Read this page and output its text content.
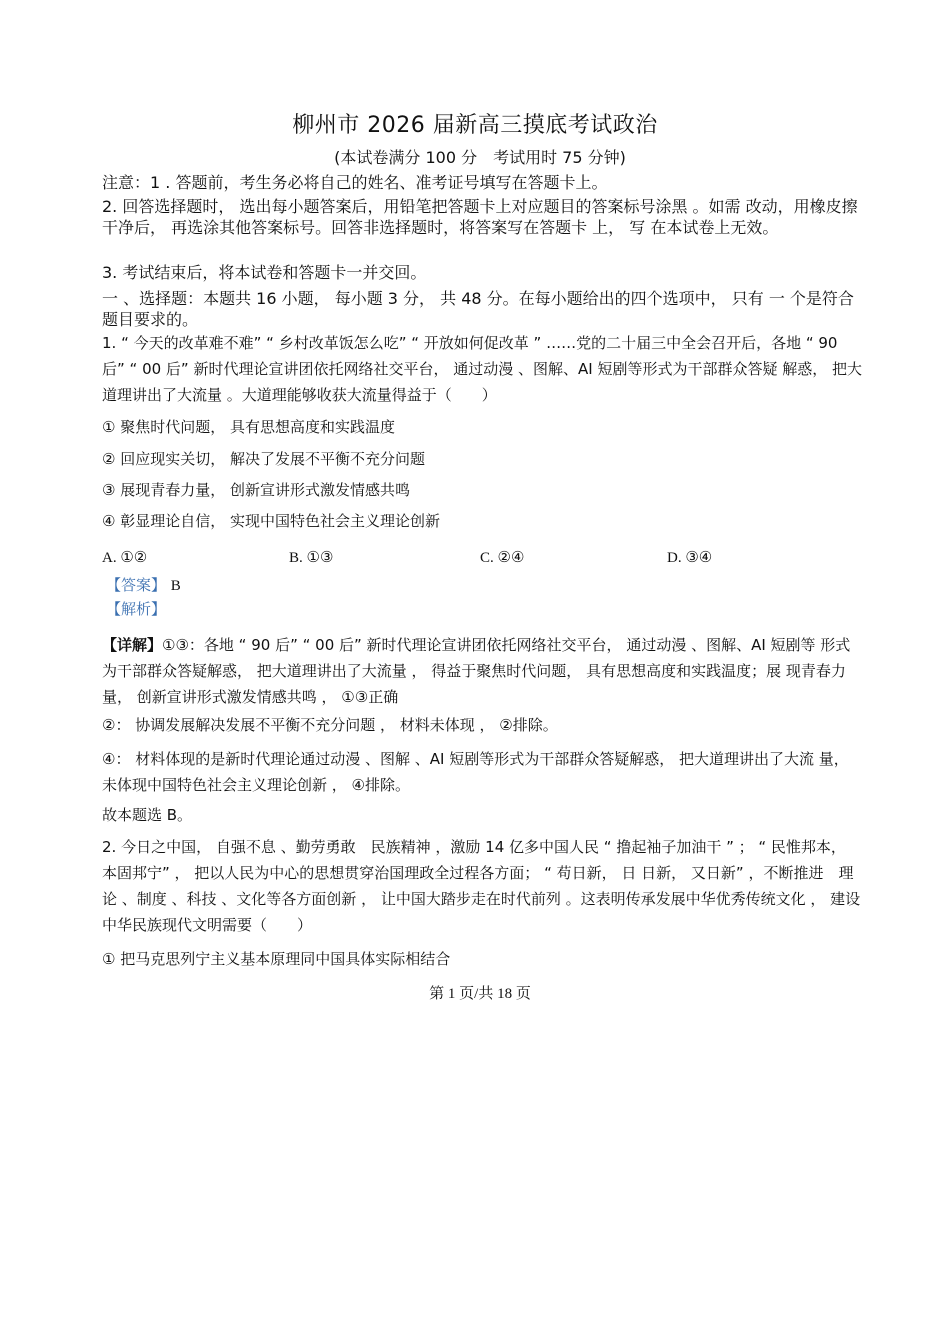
柳州市 2026 届新高三摸底考试政治
(本试卷满分 100 分　考试用时 75 分钟)

注意：1 . 答题前，考生务必将自己的姓名、准考证号填写在答题卡上。

2. 回答选择题时， 选出每小题答案后，用铅笔把答题卡上对应题目的答案标号涂黑 。如需 改动，用橡皮擦干净后， 再选涂其他答案标号。回答非选择题时，将答案写在答题卡 上， 写 在本试卷上无效。

3. 考试结束后，将本试卷和答题卡一并交回。

一 、选择题：本题共 16 小题， 每小题 3 分， 共 48 分。在每小题给出的四个选项中， 只有 一 个是符合题目要求的。

1. “ 今天的改革难不难” “ 乡村改革饭怎么吃” “ 开放如何促改革 ” ……党的二十届三中全会召开后，各地 “ 90 后” “ 00 后” 新时代理论宣讲团依托网络社交平台， 通过动漫 、图解、AI 短剧等形式为干部群众答疑 解惑， 把大道理讲出了大流量 。大道理能够收获大流量得益于（　　）

① 聚焦时代问题， 具有思想高度和实践温度

② 回应现实关切， 解决了发展不平衡不充分问题

③ 展现青春力量， 创新宣讲形式激发情感共鸣

④ 彰显理论自信， 实现中国特色社会主义理论创新

A. ①②	B. ①③	C. ②④	D. ③④
【答案】 B
【解析】

【详解】①③：各地 “ 90 后” “ 00 后” 新时代理论宣讲团依托网络社交平台， 通过动漫 、图解、AI 短剧等 形式为干部群众答疑解惑， 把大道理讲出了大流量 ， 得益于聚焦时代问题， 具有思想高度和实践温度；展 现青春力量， 创新宣讲形式激发情感共鸣 ， ①③正确

②： 协调发展解决发展不平衡不充分问题 ， 材料未体现 ， ②排除。

④： 材料体现的是新时代理论通过动漫 、图解 、AI 短剧等形式为干部群众答疑解惑， 把大道理讲出了大流 量， 未体现中国特色社会主义理论创新 ， ④排除。

故本题选 B。

2. 今日之中国， 自强不息 、勤劳勇敢　民族精神 ，激励 14 亿多中国人民 “ 撸起袖子加油干 ” ； “ 民惟邦本， 本固邦宁” ， 把以人民为中心的思想贯穿治国理政全过程各方面； “ 苟日新， 日 日新， 又日新” ，不断推进　理论 、制度 、科技 、文化等各方面创新 ， 让中国大踏步走在时代前列 。这表明传承发展中华优秀传统文化 ， 建设中华民族现代文明需要（　　）

① 把马克思列宁主义基本原理同中国具体实际相结合

第 1 页/共 18 页
